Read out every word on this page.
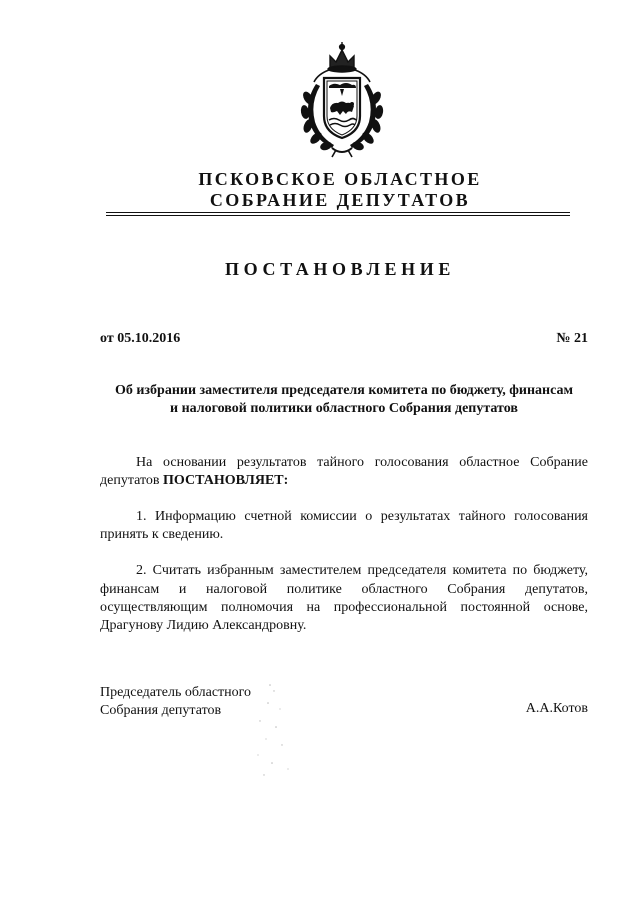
ПСКОВСКОЕ ОБЛАСТНОЕ
СОБРАНИЕ ДЕПУТАТОВ
ПОСТАНОВЛЕНИЕ
от 05.10.2016	№ 21
Об избрании заместителя председателя комитета по бюджету, финансам
и налоговой политики областного Собрания депутатов
На основании результатов тайного голосования областное Собрание
депутатов ПОСТАНОВЛЯЕТ:
1. Информацию счетной комиссии о результатах тайного голосования
принять к сведению.
2. Считать избранным заместителем председателя комитета по бюджету,
финансам и налоговой политике областного Собрания депутатов,
осуществляющим полномочия на профессиональной постоянной основе,
Драгунову Лидию Александровну.
Председатель областного
Собрания депутатов	А.А.Котов
